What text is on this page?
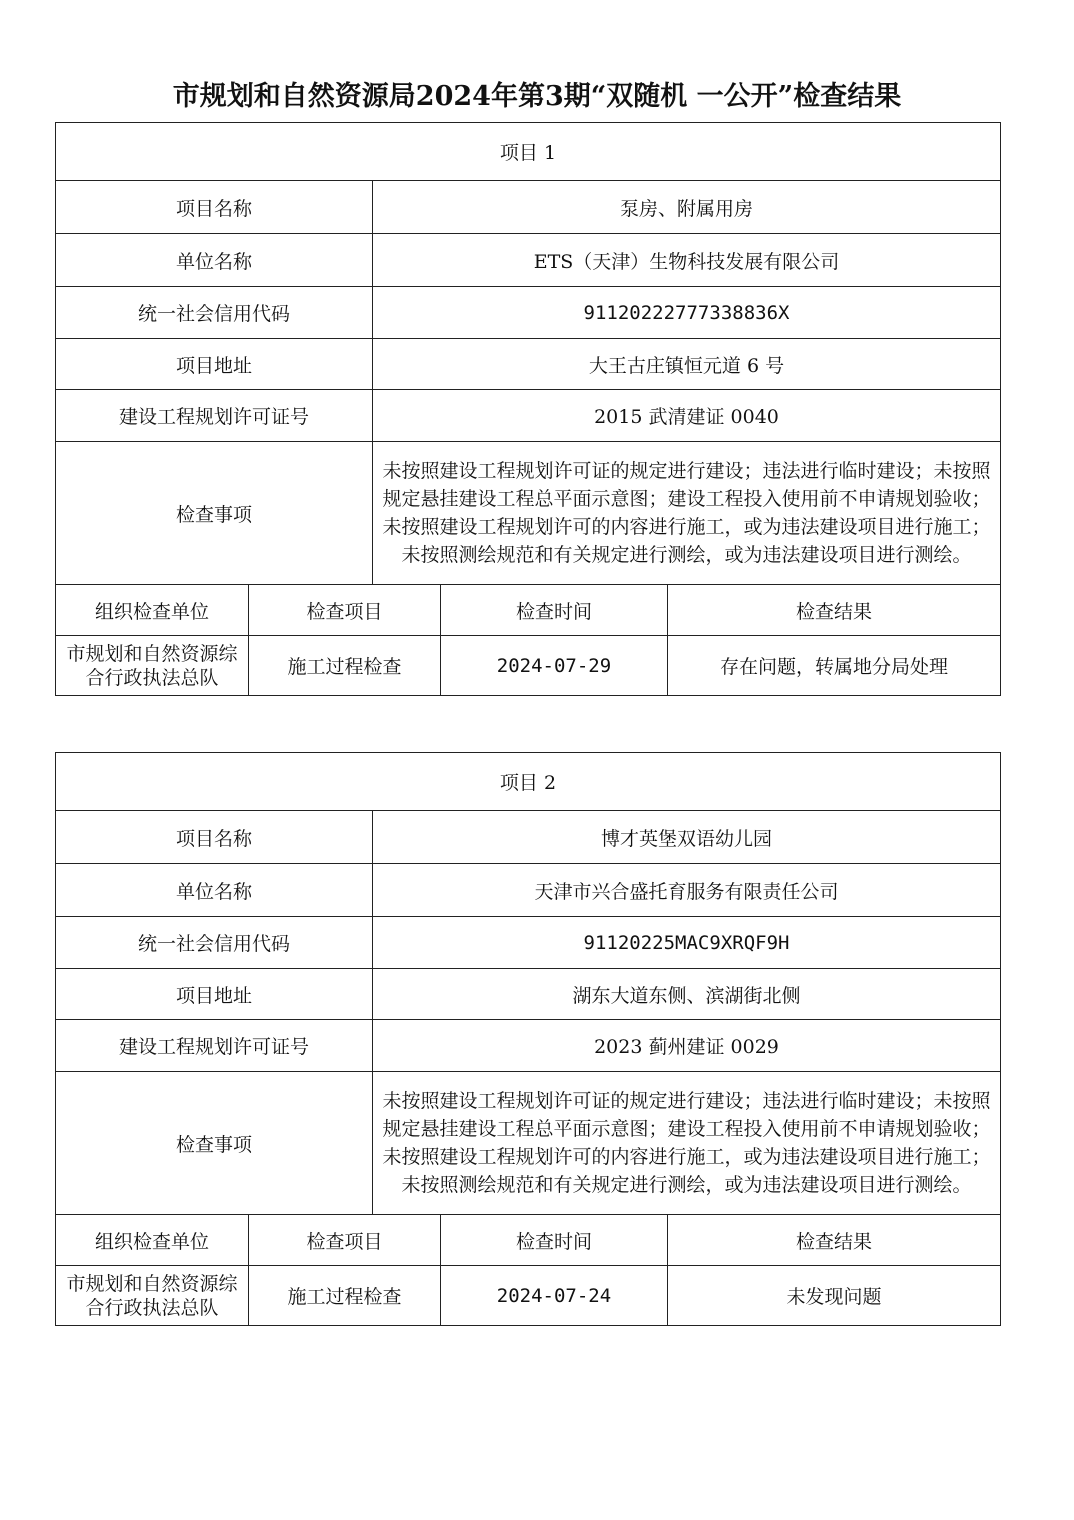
市规划和自然资源局2024年第3期“双随机 一公开”检查结果
项目 1				
项目名称		泵房、附属用房		
单位名称		ETS（天津）生物科技发展有限公司		
统一社会信用代码		91120222777338836X		
项目地址		大王古庄镇恒元道 6 号		
建设工程规划许可证号		2015 武清建证 0040		
检查事项		未按照建设工程规划许可证的规定进行建设；违法进行临时建设；未按照规定悬挂建设工程总平面示意图；建设工程投入使用前不申请规划验收；未按照建设工程规划许可的内容进行施工，或为违法建设项目进行施工；未按照测绘规范和有关规定进行测绘，或为违法建设项目进行测绘。		
组织检查单位	检查项目		检查时间	检查结果
市规划和自然资源综合行政执法总队	施工过程检查		2024-07-29	存在问题，转属地分局处理
项目 2				
项目名称		博才英堡双语幼儿园		
单位名称		天津市兴合盛托育服务有限责任公司		
统一社会信用代码		91120225MAC9XRQF9H		
项目地址		湖东大道东侧、滨湖街北侧		
建设工程规划许可证号		2023 蓟州建证 0029		
检查事项		未按照建设工程规划许可证的规定进行建设；违法进行临时建设；未按照规定悬挂建设工程总平面示意图；建设工程投入使用前不申请规划验收；未按照建设工程规划许可的内容进行施工，或为违法建设项目进行施工；未按照测绘规范和有关规定进行测绘，或为违法建设项目进行测绘。		
组织检查单位	检查项目		检查时间	检查结果
市规划和自然资源综合行政执法总队	施工过程检查		2024-07-24	未发现问题
